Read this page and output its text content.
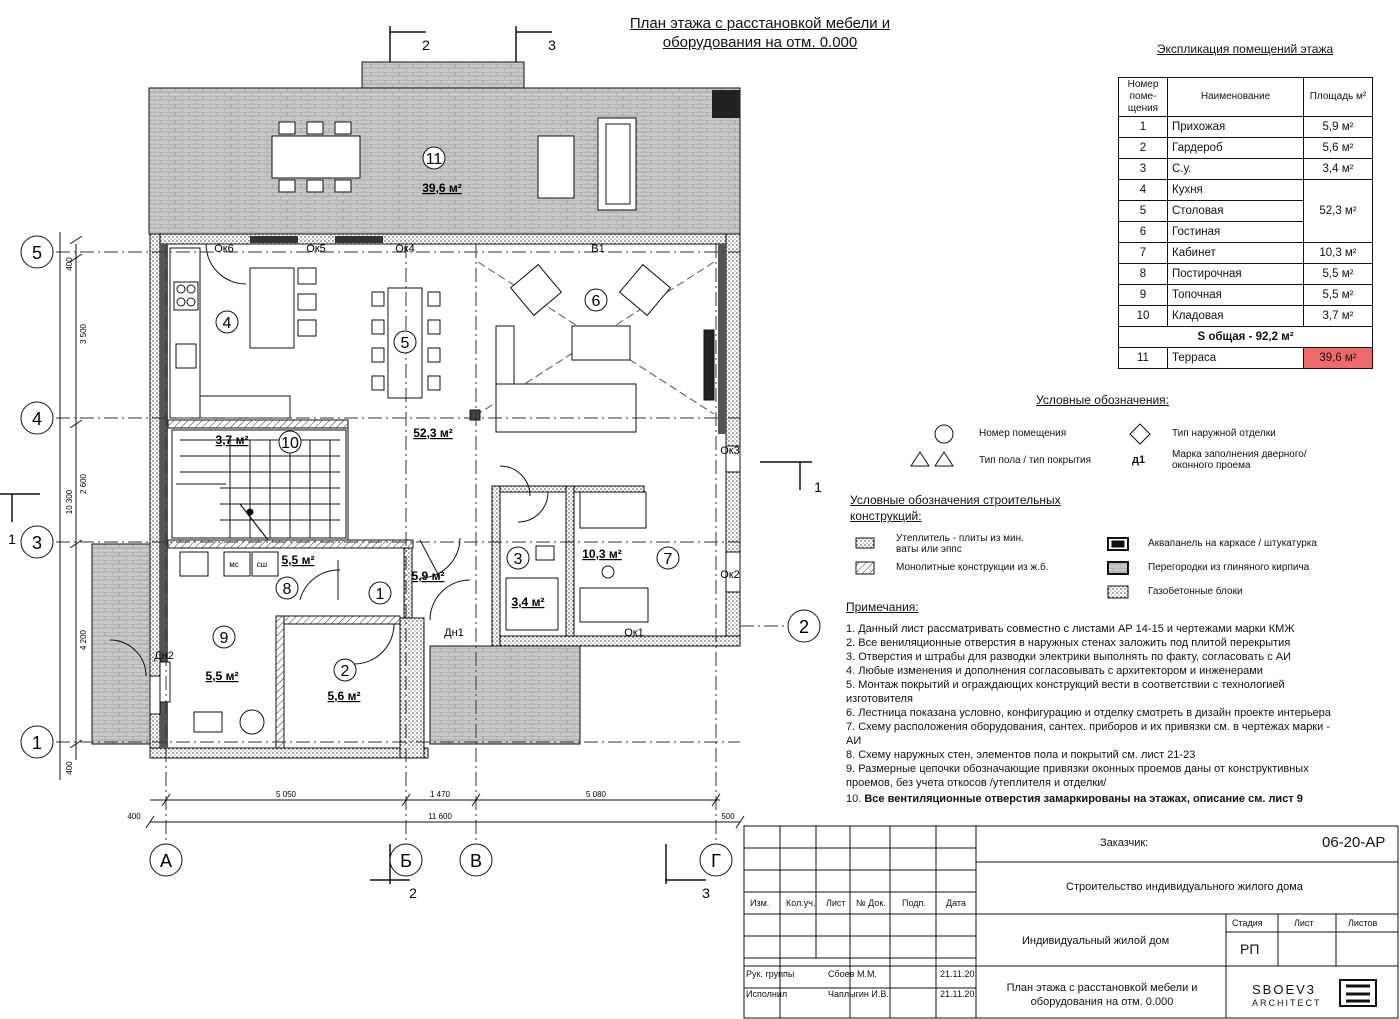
11
39,6 м²
4
5
6
10
3,7 м²
8
5,5 м²
1
3
3,4 м²
7
10,3 м²
9
5,5 м²	2
5,6 м²
52,3 м²
5,9 м²
Ок6	Ок5	Ок4	В1
Ок3
Ок2
Ок1
Дн1
Дн2
мс сш
5
4
3
1
2
А	Б	В	Г
2	3
2	3
1
1
400
3 500
2 600
4 200
400
10 300
5 050	1 470	5 080
400	11 600	500
План этажа с расстановкой мебели и
оборудования на отм. 0.000	Экспликация помещений этажа
Номер поме-щения	Наименование	Площадь м²
1	Прихожая	5,9 м²
2	Гардероб	5,6 м²
3	С.у.	3,4 м²
4	Кухня	52,3 м²
5	Столовая	
6	Гостиная	
7	Кабинет	10,3 м²
8	Постирочная	5,5 м²
9	Топочная	5,5 м²
10	Кладовая	3,7 м²
S общая - 92,2 м²		
11	Терраса	39,6 м²
Условные обозначения:
Номер помещения	Тип наружной отделки
Тип пола / тип покрытия	д1	Марка заполнения дверного/оконного проема
Условные обозначения строительных
конструкций:
Утеплитель - плиты из мин. ваты или эппс
Монолитные конструкции из ж.б.
Аквапанель на каркасе / штукатурка
Перегородки из глиняного кирпича
Газобетонные блоки
Примечания:
1. Данный лист рассматривать совместно с листами АР 14-15 и чертежами марки КМЖ
2. Все вениляционные отверстия в наружных стенах заложить под плитой перекрытия
3. Отверстия и штрабы для разводки электрики выполнять по факту, согласовать с АИ
4. Любые изменения и дополнения согласовывать с архитектором и инженерами
5. Монтаж покрытий и ограждающих конструкций вести в соответствии с технологией
изготовителя
6. Лестница показана условно, конфигурацию и отделку смотреть в дизайн проекте интерьера
7. Схему расположения оборудования, сантех. приборов и их привязки см. в чертежах марки -
АИ
8. Схему наружных стен, элементов пола и покрытий см. лист 21-23
9. Размерные цепочки обозначающие привязки оконных проемов даны от конструктивных
проемов, без учета откосов /утеплителя и отделки/
10. Все вентиляционные отверстия замаркированы на этажах, описание см. лист 9
Заказчик:	06-20-АР
Строительство индивидуального жилого дома
Индивидуальный жилой дом
Стадия	Лист	Листов
РП
План этажа с расстановкой мебели и
оборудования на отм. 0.000
SBOEV3
ARCHITECT
Изм. Кол.уч. Лист № Док. Подп. Дата
Рук. группы	Сбоев М.М.	21.11.20
Исполнил	Чаплыгин И.В.	21.11.20
